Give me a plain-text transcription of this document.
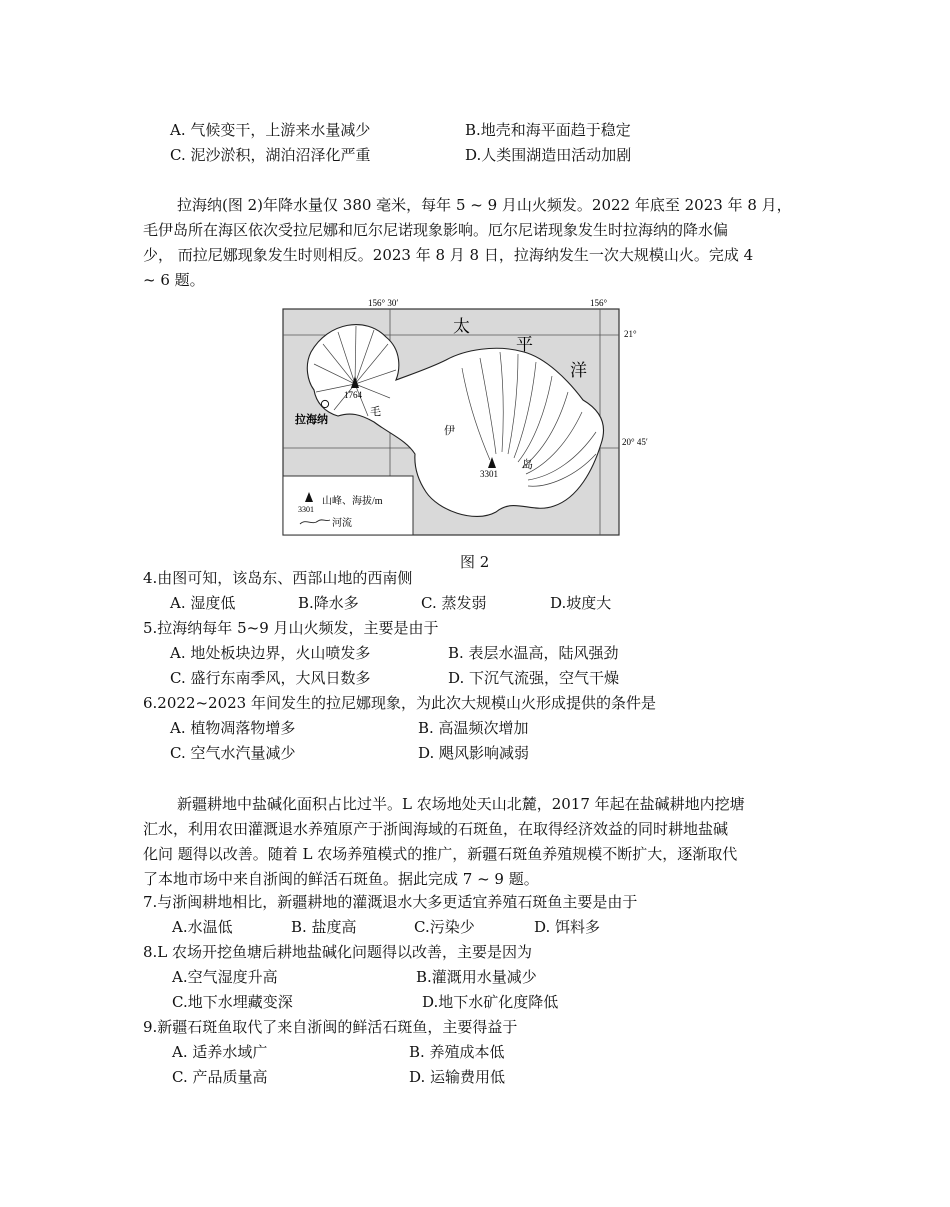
A. 气候变干，上游来水量减少	B.地壳和海平面趋于稳定
C. 泥沙淤积，湖泊沼泽化严重	D.人类围湖造田活动加剧
拉海纳(图 2)年降水量仅 380 毫米，每年 5 ~ 9 月山火频发。2022 年底至 2023 年 8 月，
毛伊岛所在海区依次受拉尼娜和厄尔尼诺现象影响。厄尔尼诺现象发生时拉海纳的降水偏
少， 而拉尼娜现象发生时则相反。2023 年 8 月 8 日，拉海纳发生一次大规模山火。完成 4
~ 6 题。
太
平
洋
毛
伊
岛
1764
3301
拉海纳
156° 30′	156°
21°
20° 45′
3301
山峰、海拔/m
河流
图 2
4.由图可知，该岛东、西部山地的西南侧
A. 湿度低	B.降水多	C. 蒸发弱	D.坡度大
5.拉海纳每年 5~9 月山火频发，主要是由于
A. 地处板块边界，火山喷发多	B. 表层水温高，陆风强劲
C. 盛行东南季风，大风日数多	D. 下沉气流强，空气干燥
6.2022~2023 年间发生的拉尼娜现象，为此次大规模山火形成提供的条件是
A. 植物凋落物增多	B. 高温频次增加
C. 空气水汽量减少	D. 飓风影响减弱
新疆耕地中盐碱化面积占比过半。L 农场地处天山北麓，2017 年起在盐碱耕地内挖塘
汇水，利用农田灌溉退水养殖原产于浙闽海域的石斑鱼，在取得经济效益的同时耕地盐碱
化问 题得以改善。随着 L 农场养殖模式的推广，新疆石斑鱼养殖规模不断扩大，逐渐取代
了本地市场中来自浙闽的鲜活石斑鱼。据此完成 7 ~ 9 题。
7.与浙闽耕地相比，新疆耕地的灌溉退水大多更适宜养殖石斑鱼主要是由于
A.水温低	B. 盐度高	C.污染少	D. 饵料多
8.L 农场开挖鱼塘后耕地盐碱化问题得以改善，主要是因为
A.空气湿度升高	B.灌溉用水量减少
C.地下水埋藏变深	D.地下水矿化度降低
9.新疆石斑鱼取代了来自浙闽的鲜活石斑鱼，主要得益于
A. 适养水域广	B. 养殖成本低
C. 产品质量高	D. 运输费用低
